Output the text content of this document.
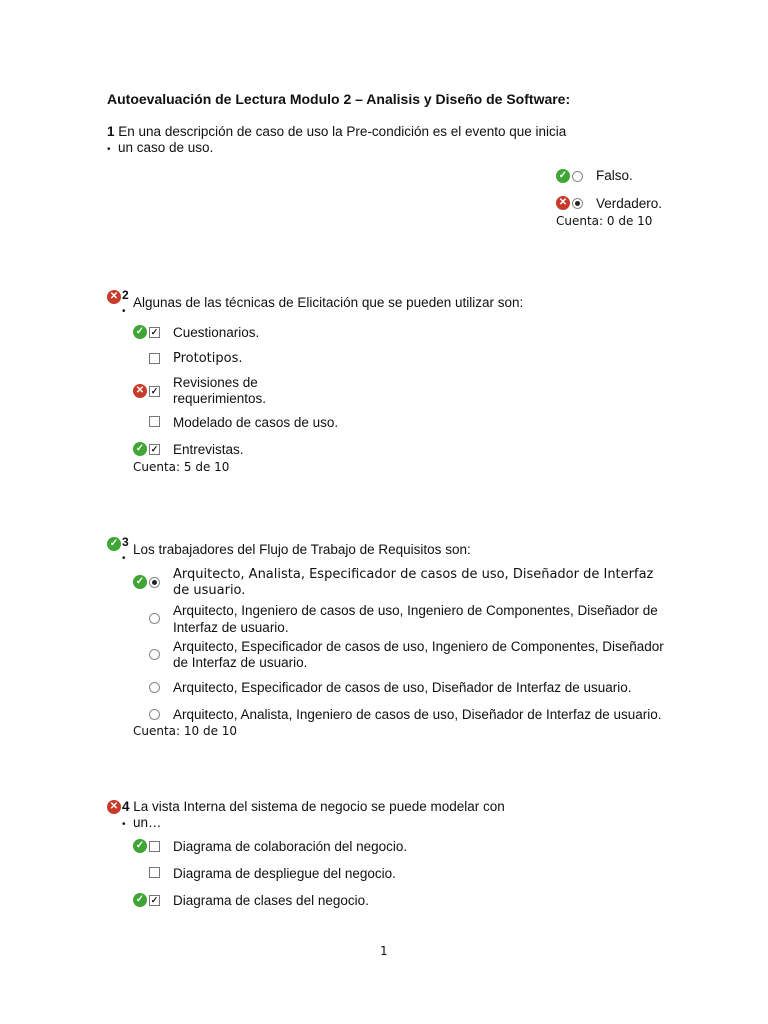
Autoevaluación de Lectura Modulo 2 – Analisis y Diseño de Software:
1 En una descripción de caso de uso la Pre-condición es el evento que inicia
• un caso de uso.
✓ Falso.
✕ Verdadero.
Cuenta: 0 de 10
✕ 2
•
Algunas de las técnicas de Elicitación que se pueden utilizar son:
✓ ✓ Cuestionarios.
Prototipos.
✕ ✓
Revisiones de
requerimientos.
Modelado de casos de uso.
✓ ✓ Entrevistas.
Cuenta: 5 de 10
✓ 3
•
Los trabajadores del Flujo de Trabajo de Requisitos son:
✓ Arquitecto, Analista, Especificador de casos de uso, Diseñador de Interfaz
de usuario.
Arquitecto, Ingeniero de casos de uso, Ingeniero de Componentes, Diseñador de
Interfaz de usuario.
Arquitecto, Especificador de casos de uso, Ingeniero de Componentes, Diseñador
de Interfaz de usuario.
Arquitecto, Especificador de casos de uso, Diseñador de Interfaz de usuario.
Arquitecto, Analista, Ingeniero de casos de uso, Diseñador de Interfaz de usuario.
Cuenta: 10 de 10
✕ 4 La vista Interna del sistema de negocio se puede modelar con
• un…
✓ Diagrama de colaboración del negocio.
Diagrama de despliegue del negocio.
✓ ✓ Diagrama de clases del negocio.
1
